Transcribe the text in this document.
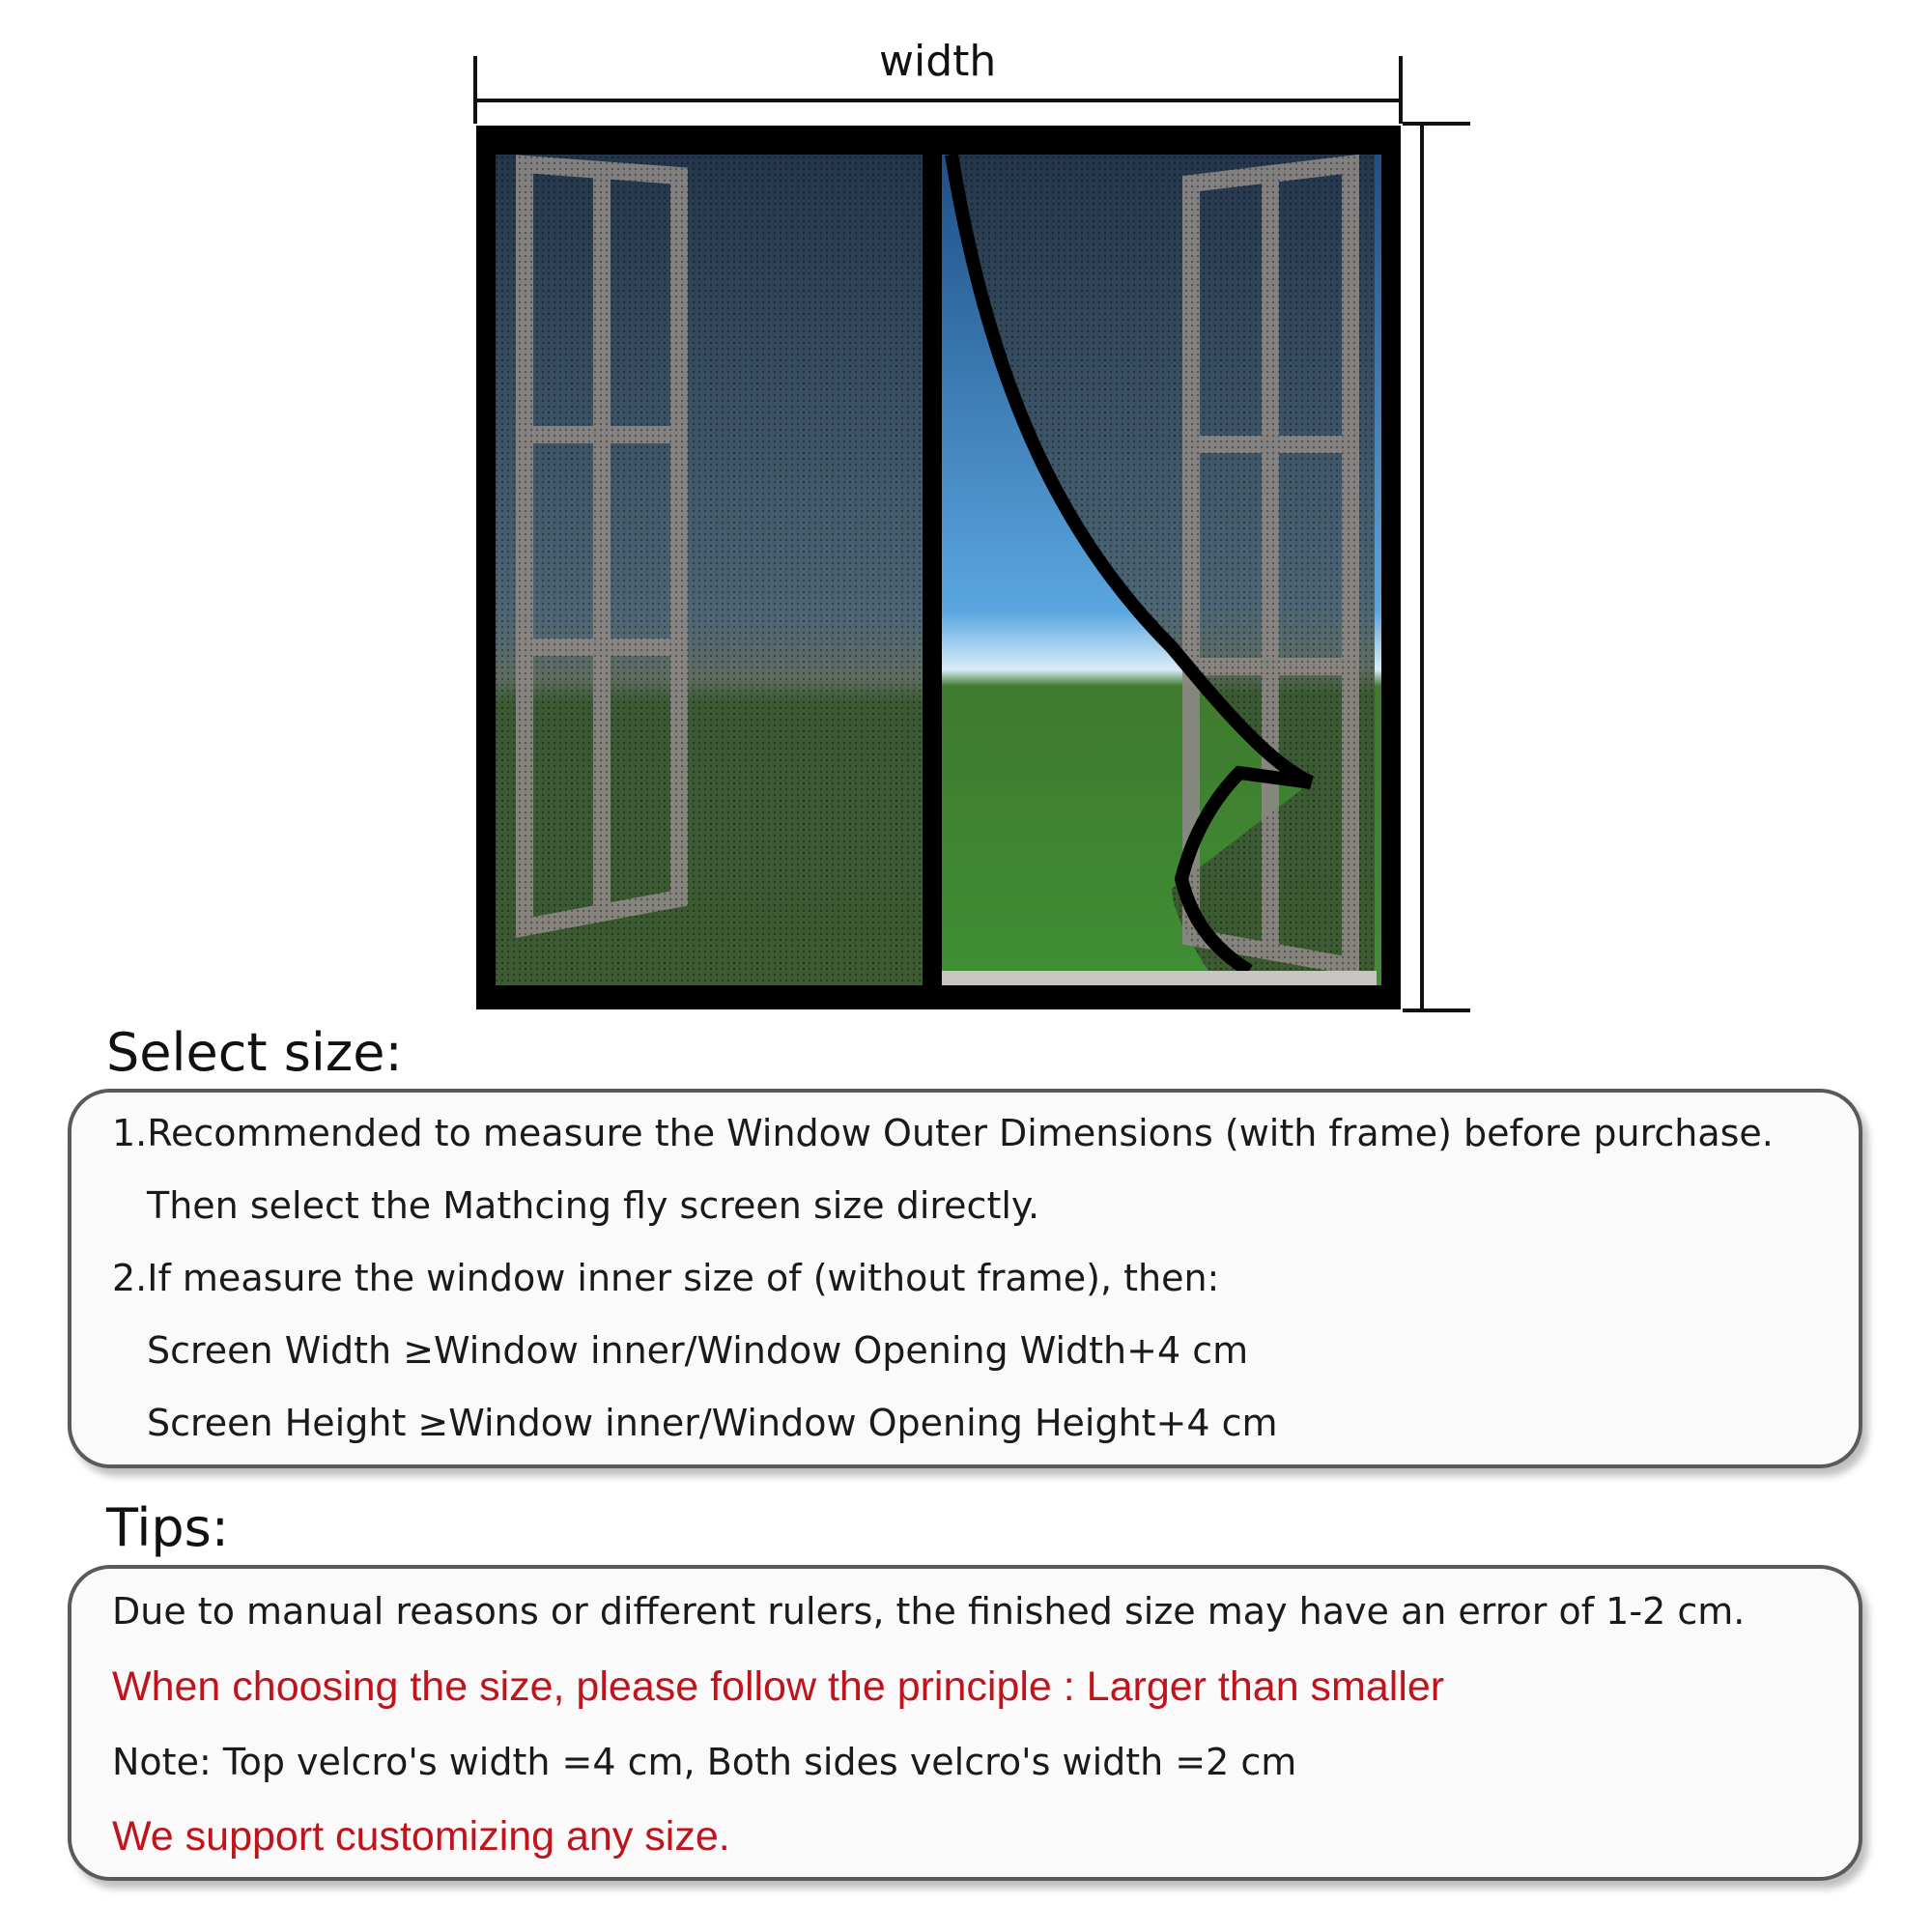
width
Select size:
1.Recommended to measure the Window Outer Dimensions (with frame) before purchase.
Then select the Mathcing fly screen size directly.
2.If measure the window inner size of (without frame), then:
Screen Width ≥Window inner/Window Opening Width+4 cm
Screen Height ≥Window inner/Window Opening Height+4 cm
Tips:
Due to manual reasons or different rulers, the finished size may have an error of 1-2 cm.
When choosing the size, please follow the principle : Larger than smaller
Note: Top velcro's width =4 cm, Both sides velcro's width =2 cm
We support customizing any size.
